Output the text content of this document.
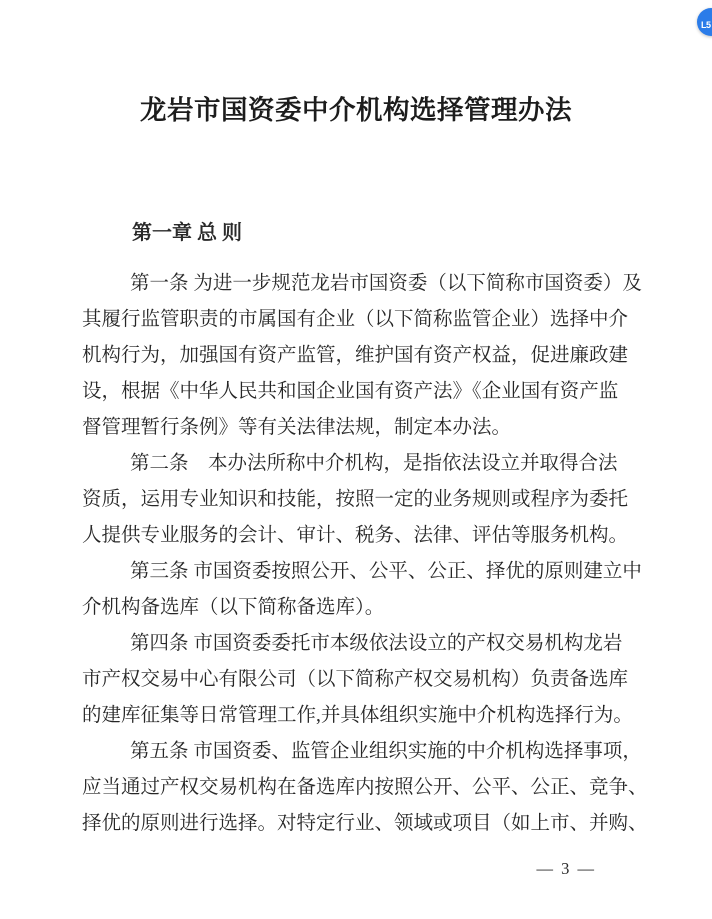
L5
龙岩市国资委中介机构选择管理办法
第一章 总 则
第一条 为进一步规范龙岩市国资委（以下简称市国资委）及
其履行监管职责的市属国有企业（以下简称监管企业）选择中介
机构行为，加强国有资产监管，维护国有资产权益，促进廉政建
设，根据《中华人民共和国企业国有资产法》《企业国有资产监
督管理暂行条例》等有关法律法规，制定本办法。
第二条　本办法所称中介机构，是指依法设立并取得合法
资质，运用专业知识和技能，按照一定的业务规则或程序为委托
人提供专业服务的会计、审计、税务、法律、评估等服务机构。
第三条 市国资委按照公开、公平、公正、择优的原则建立中
介机构备选库（以下简称备选库）。
第四条 市国资委委托市本级依法设立的产权交易机构龙岩
市产权交易中心有限公司（以下简称产权交易机构）负责备选库
的建库征集等日常管理工作,并具体组织实施中介机构选择行为。
第五条 市国资委、监管企业组织实施的中介机构选择事项，
应当通过产权交易机构在备选库内按照公开、公平、公正、竞争、
择优的原则进行选择。对特定行业、领域或项目（如上市、并购、
— 3 —
